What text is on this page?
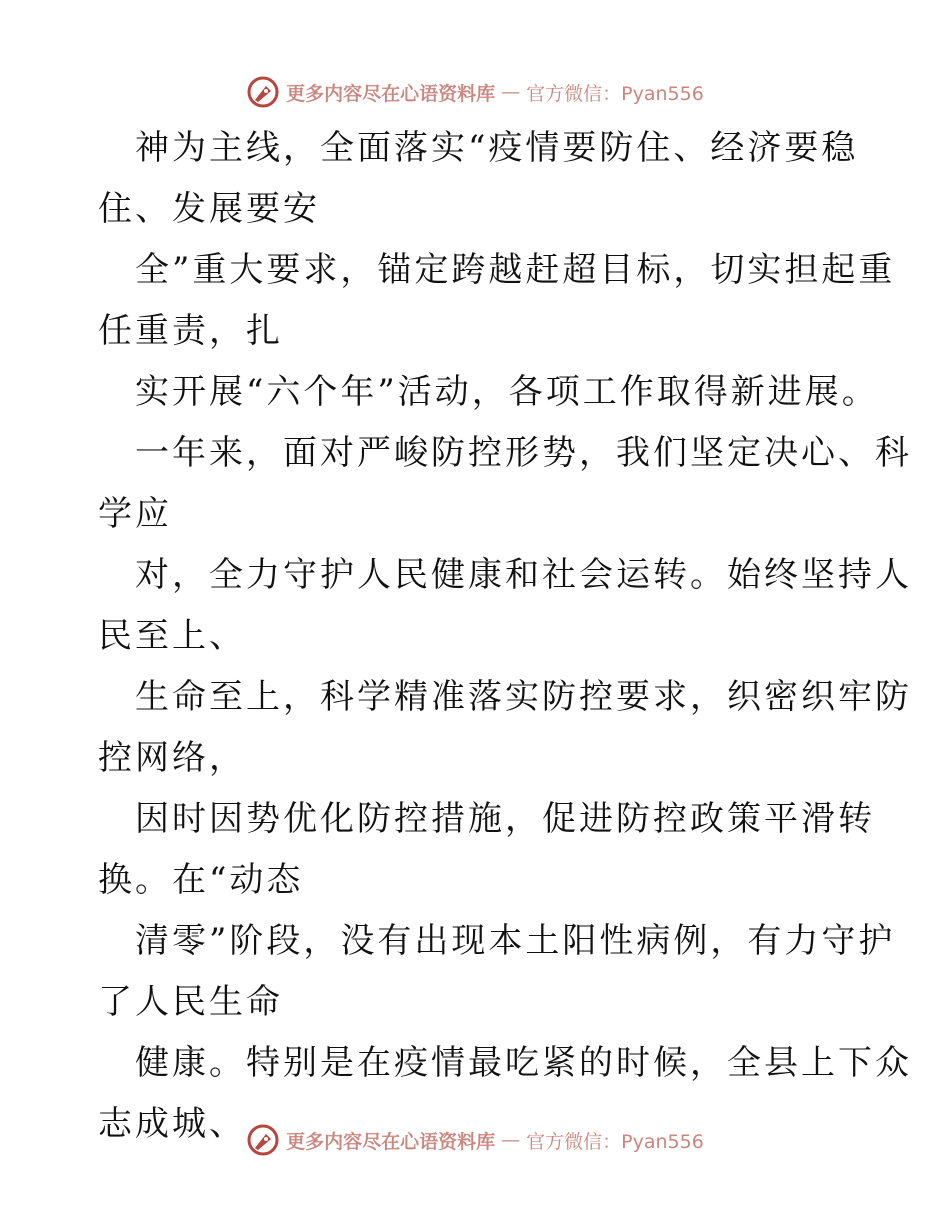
更多内容尽在心语资料库 — 官方微信：Pyan556
神为主线，全面落实“疫情要防住、经济要稳
住、发展要安
全”重大要求，锚定跨越赶超目标，切实担起重
任重责，扎
实开展“六个年”活动，各项工作取得新进展。
一年来，面对严峻防控形势，我们坚定决心、科
学应
对，全力守护人民健康和社会运转。始终坚持人
民至上、
生命至上，科学精准落实防控要求，织密织牢防
控网络，
因时因势优化防控措施，促进防控政策平滑转
换。在“动态
清零”阶段，没有出现本土阳性病例，有力守护
了人民生命
健康。特别是在疫情最吃紧的时候，全县上下众
志成城、	更多内容尽在心语资料库 — 官方微信：Pyan556
